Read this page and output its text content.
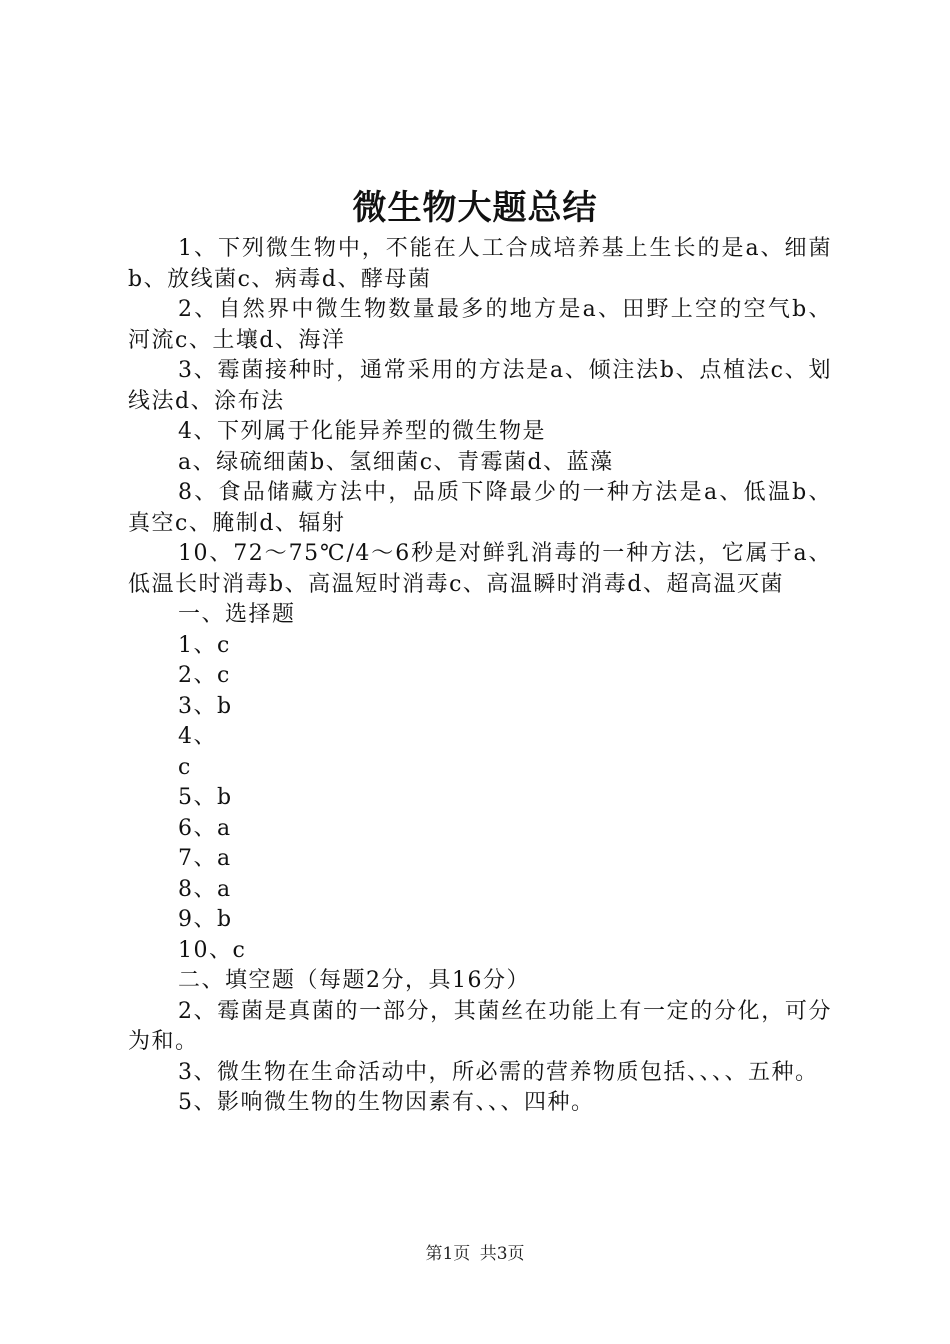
微生物大题总结

1、下列微生物中，不能在人工合成培养基上生长的是a、细菌b、放线菌c、病毒d、酵母菌

2、自然界中微生物数量最多的地方是a、田野上空的空气b、河流c、土壤d、海洋

3、霉菌接种时，通常采用的方法是a、倾注法b、点植法c、划线法d、涂布法

4、下列属于化能异养型的微生物是

a、绿硫细菌b、氢细菌c、青霉菌d、蓝藻

8、食品储藏方法中，品质下降最少的一种方法是a、低温b、真空c、腌制d、辐射

10、72～75℃/4～6秒是对鲜乳消毒的一种方法，它属于a、低温长时消毒b、高温短时消毒c、高温瞬时消毒d、超高温灭菌

一、选择题

1、c

2、c

3、b

4、

c

5、b

6、a

7、a

8、a

9、b

10、c

二、填空题（每题2分，具16分）

2、霉菌是真菌的一部分，其菌丝在功能上有一定的分化，可分为和。

3、微生物在生命活动中，所必需的营养物质包括、、、、五种。

5、影响微生物的生物因素有、、、四种。

第1页 共3页
